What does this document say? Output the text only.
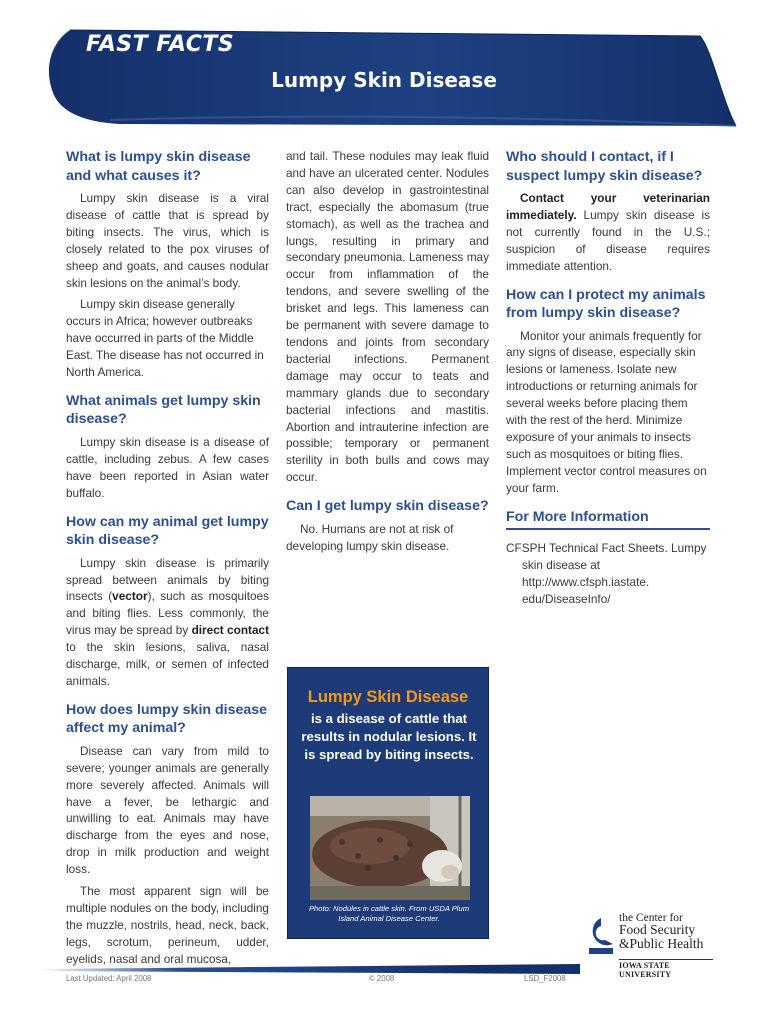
FAST FACTS
Lumpy Skin Disease
What is lumpy skin disease and what causes it?

Lumpy skin disease is a viral disease of cattle that is spread by biting insects. The virus, which is closely related to the pox viruses of sheep and goats, and causes nodular skin lesions on the animal’s body.

Lumpy skin disease generally occurs in Africa; however outbreaks have occurred in parts of the Middle East. The disease has not occurred in North America.

What animals get lumpy skin disease?

Lumpy skin disease is a disease of cattle, including zebus. A few cases have been reported in Asian water buffalo.

How can my animal get lumpy skin disease?

Lumpy skin disease is primarily spread between animals by biting insects (vector), such as mosquitoes and biting flies. Less commonly, the virus may be spread by direct contact to the skin lesions, saliva, nasal discharge, milk, or semen of infected animals.

How does lumpy skin disease affect my animal?

Disease can vary from mild to severe; younger animals are generally more severely affected. Animals will have a fever, be lethargic and unwilling to eat. Animals may have discharge from the eyes and nose, drop in milk production and weight loss.

The most apparent sign will be multiple nodules on the body, including the muzzle, nostrils, head, neck, back, legs, scrotum, perineum, udder, eyelids, nasal and oral mucosa,

and tail. These nodules may leak fluid and have an ulcerated center. Nodules can also develop in gastrointestinal tract, especially the abomasum (true stomach), as well as the trachea and lungs, resulting in primary and secondary pneumonia. Lameness may occur from inflammation of the tendons, and severe swelling of the brisket and legs. This lameness can be permanent with severe damage to tendons and joints from secondary bacterial infections. Permanent damage may occur to teats and mammary glands due to secondary bacterial infections and mastitis. Abortion and intrauterine infection are possible; temporary or permanent sterility in both bulls and cows may occur.

Can I get lumpy skin disease?

No. Humans are not at risk of developing lumpy skin disease.

Lumpy Skin Disease
is a disease of cattle that results in nodular lesions. It is spread by biting insects.
Photo: Nodules in cattle skin. From USDA Plum Island Animal Disease Center.
Who should I contact, if I suspect lumpy skin disease?

Contact your veterinarian immediately. Lumpy skin disease is not currently found in the U.S.; suspicion of disease requires immediate attention.

How can I protect my animals from lumpy skin disease?

Monitor your animals frequently for any signs of disease, especially skin lesions or lameness. Isolate new introductions or returning animals for several weeks before placing them with the rest of the herd. Minimize exposure of your animals to insects such as mosquitoes or biting flies. Implement vector control measures on your farm.

For More Information

CFSPH Technical Fact Sheets. Lumpy skin disease at http://www.cfsph.iastate. edu/DiseaseInfo/

the Center for
Food Security
&Public Health
IOWA STATE UNIVERSITY
Last Updated: April 2008	© 2008	LSD_F2008
